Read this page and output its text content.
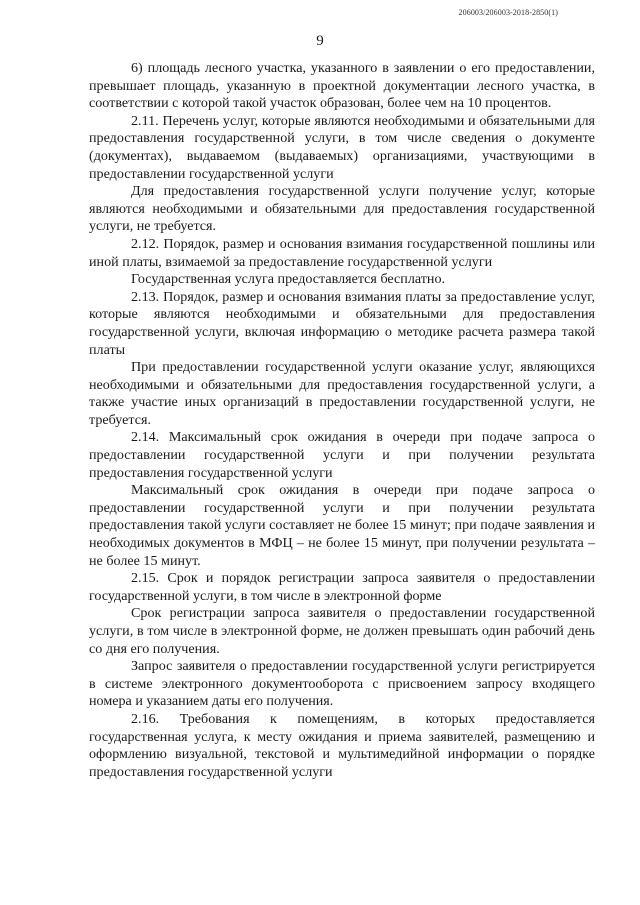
206003/206003-2018-2850(1)
9

6) площадь лесного участка, указанного в заявлении о его предоставлении, превышает площадь, указанную в проектной документации лесного участка, в соответствии с которой такой участок образован, более чем на 10 процентов.

2.11. Перечень услуг, которые являются необходимыми и обязательными для предоставления государственной услуги, в том числе сведения о документе (документах), выдаваемом (выдаваемых) организациями, участвующими в предоставлении государственной услуги

Для предоставления государственной услуги получение услуг, которые являются необходимыми и обязательными для предоставления государственной услуги, не требуется.

2.12. Порядок, размер и основания взимания государственной пошлины или иной платы, взимаемой за предоставление государственной услуги

Государственная услуга предоставляется бесплатно.

2.13. Порядок, размер и основания взимания платы за предоставление услуг, которые являются необходимыми и обязательными для предоставления государственной услуги, включая информацию о методике расчета размера такой платы

При предоставлении государственной услуги оказание услуг, являющихся необходимыми и обязательными для предоставления государственной услуги, а также участие иных организаций в предоставлении государственной услуги, не требуется.

2.14. Максимальный срок ожидания в очереди при подаче запроса о предоставлении государственной услуги и при получении результата предоставления государственной услуги

Максимальный срок ожидания в очереди при подаче запроса о предоставлении государственной услуги и при получении результата предоставления такой услуги составляет не более 15 минут; при подаче заявления и необходимых документов в МФЦ – не более 15 минут, при получении результата – не более 15 минут.

2.15. Срок и порядок регистрации запроса заявителя о предоставлении государственной услуги, в том числе в электронной форме

Срок регистрации запроса заявителя о предоставлении государственной услуги, в том числе в электронной форме, не должен превышать один рабочий день со дня его получения.

Запрос заявителя о предоставлении государственной услуги регистрируется в системе электронного документооборота с присвоением запросу входящего номера и указанием даты его получения.

2.16. Требования к помещениям, в которых предоставляется государственная услуга, к месту ожидания и приема заявителей, размещению и оформлению визуальной, текстовой и мультимедийной информации о порядке предоставления государственной услуги
